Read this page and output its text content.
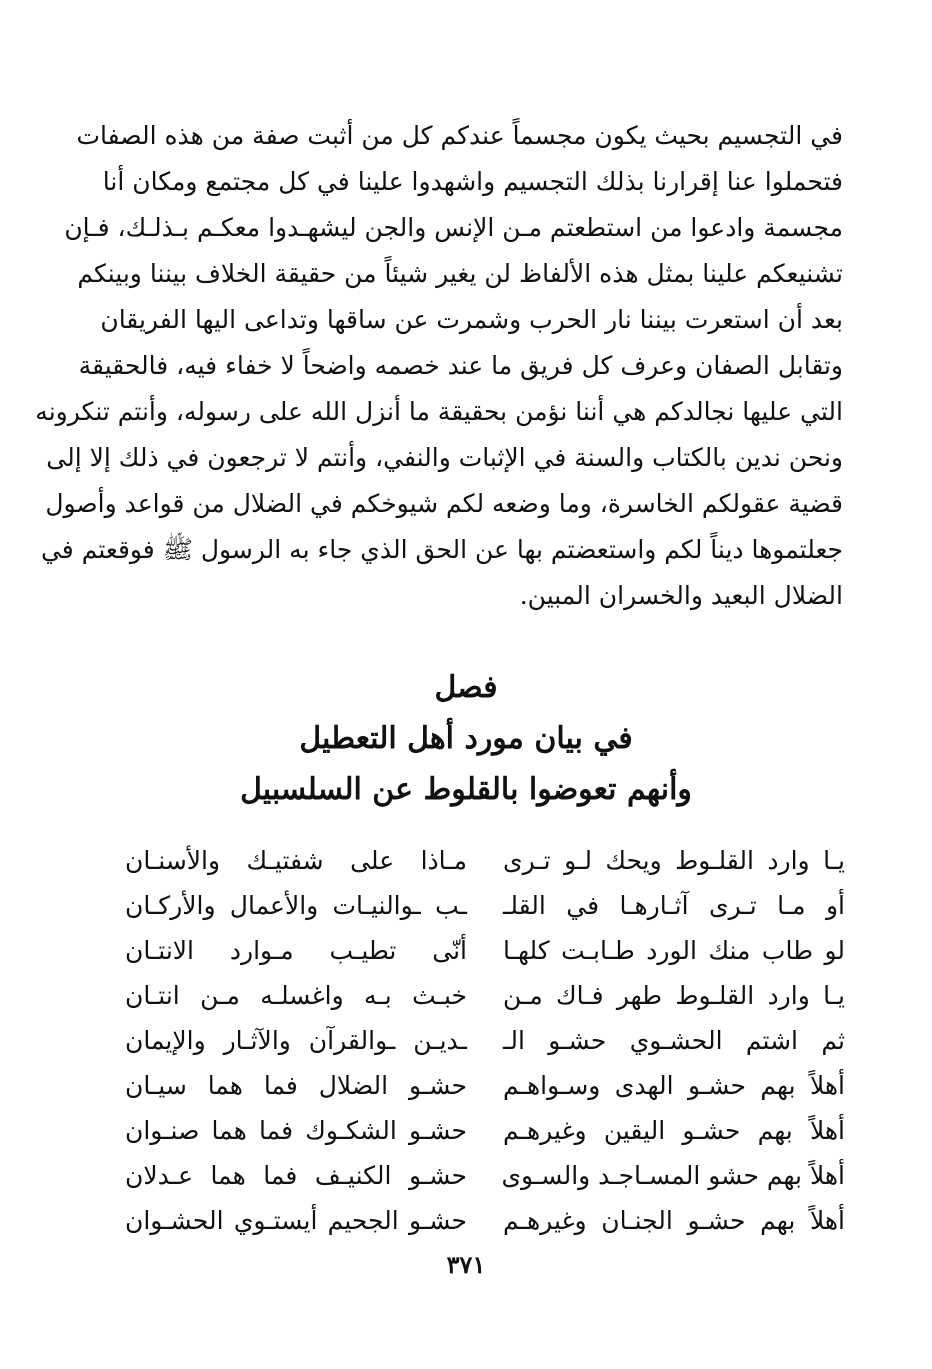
في التجسيم بحيث يكون مجسماً عندكم كل من أثبت صفة من هذه الصفات
فتحملوا عنا إقرارنا بذلك التجسيم واشهدوا علينا في كل مجتمع ومكان أنا
مجسمة وادعوا من استطعتم مـن الإنس والجن ليشهـدوا معكـم بـذلـك، فـإن
تشنيعكم علينا بمثل هذه الألفاظ لن يغير شيئاً من حقيقة الخلاف بيننا وبينكم
بعد أن استعرت بيننا نار الحرب وشمرت عن ساقها وتداعى اليها الفريقان
وتقابل الصفان وعرف كل فريق ما عند خصمه واضحاً لا خفاء فيه، فالحقيقة
التي عليها نجالدكم هي أننا نؤمن بحقيقة ما أنزل الله على رسوله، وأنتم تنكرونه
ونحن ندين بالكتاب والسنة في الإثبات والنفي، وأنتم لا ترجعون في ذلك إلا إلى
قضية عقولكم الخاسرة، وما وضعه لكم شيوخكم في الضلال من قواعد وأصول
جعلتموها ديناً لكم واستعضتم بها عن الحق الذي جاء به الرسول ﷺ فوقعتم في
الضلال البعيد والخسران المبين.
فصل
في بيان مورد أهل التعطيل
وأنهم تعوضوا بالقلوط عن السلسبيل
يـا وارد القلـوط ويحك لـو تـرى
مـاذا على شفتيـك والأسنـان
أو مـا تـرى آثـارهـا في القلـ
ـب ـوالنيـات والأعمال والأركـان
لو طاب منك الورد طـابـت كلهـا
أنّى تطيـب مـوارد الانتـان
يـا وارد القلـوط طهر فـاك مـن
خبـث بـه واغسلـه مـن انتـان
ثم اشتم الحشـوي حشـو الـ
ـديـن ـوالقرآن والآثـار والإيمان
أهلاً بهم حشـو الهدى وسـواهـم
حشـو الضلال فما هما سيـان
أهلاً بهم حشـو اليقين وغيرهـم
حشـو الشكـوك فما هما صنـوان
أهلاً بهم حشو المسـاجـد والسـوى
حشـو الكنيـف فما هما عـدلان
أهلاً بهم حشـو الجنـان وغيرهـم
حشـو الجحيم أيستـوي الحشـوان
٣٧١
